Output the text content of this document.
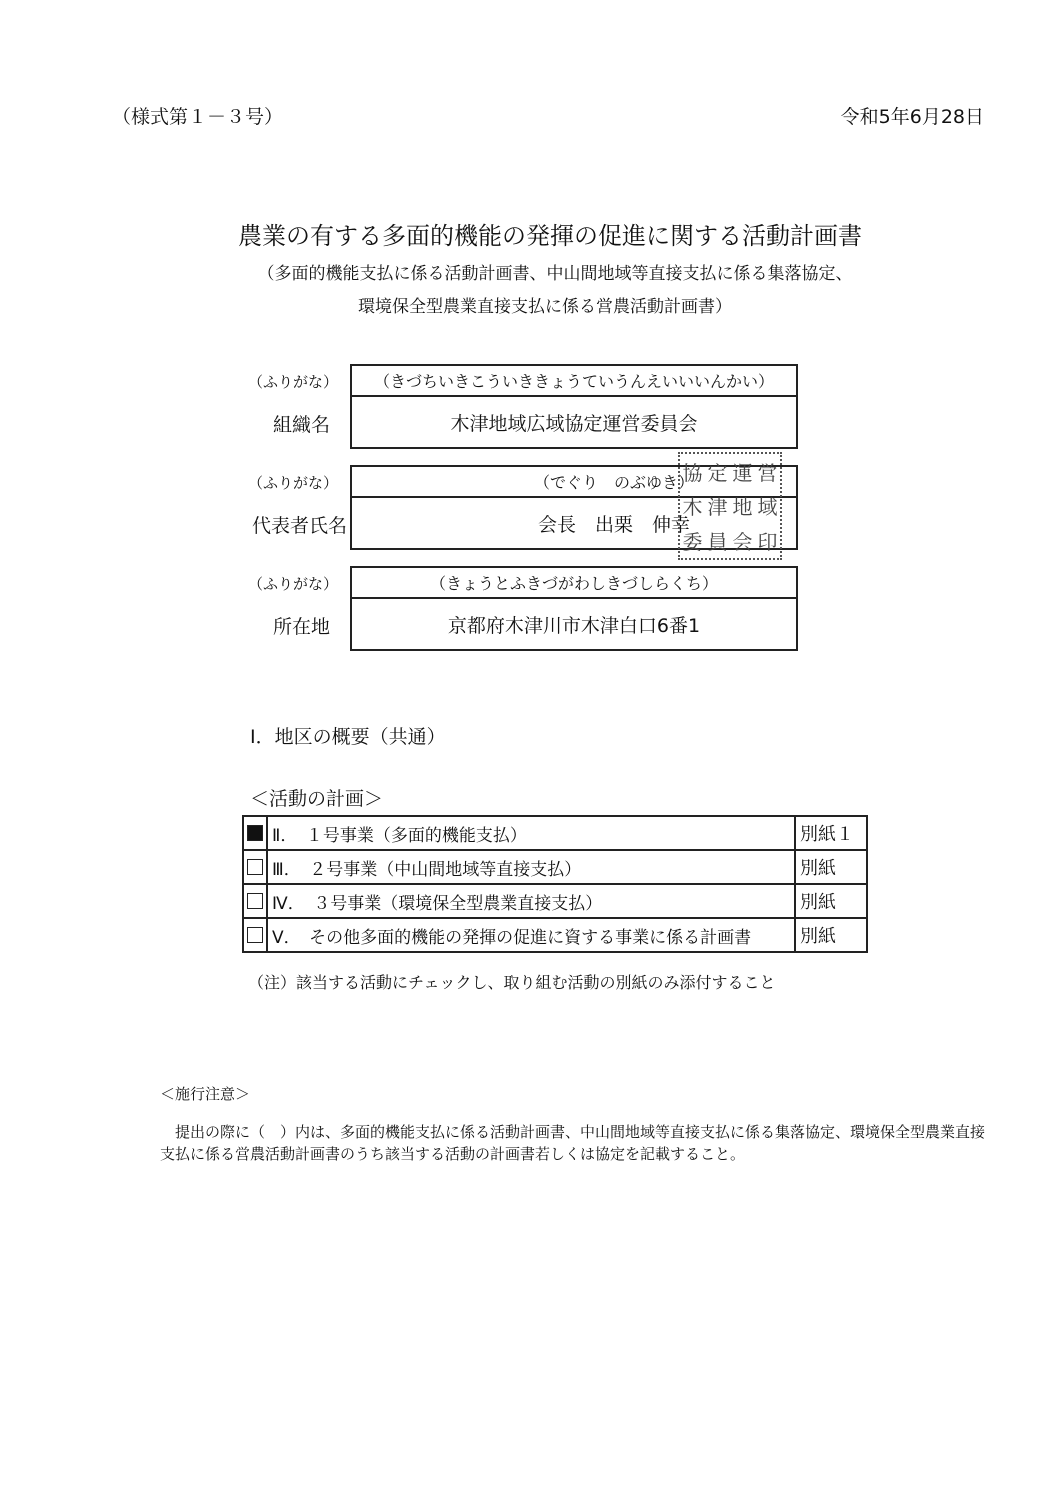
（様式第１－３号）	令和5年6月28日
農業の有する多面的機能の発揮の促進に関する活動計画書
（多面的機能支払に係る活動計画書、中山間地域等直接支払に係る集落協定、
環境保全型農業直接支払に係る営農活動計画書）
（ふりがな）	（きづちいきこういききょうていうんえいいいんかい）
組織名	木津地域広域協定運営委員会
（ふりがな）	（でぐり　のぶゆき）
代表者氏名	会長　出栗　伸幸
協 定 運 営
木 津 地 域
委 員 会 印
（ふりがな）	（きょうとふきづがわしきづしらくち）
所在地	京都府木津川市木津白口6番1
Ⅰ．地区の概要（共通）
＜活動の計画＞
	Ⅱ．　１号事業（多面的機能支払）	別紙１
	Ⅲ．　２号事業（中山間地域等直接支払）	別紙
	Ⅳ．　３号事業（環境保全型農業直接支払）	別紙
	Ⅴ．　その他多面的機能の発揮の促進に資する事業に係る計画書	別紙
（注）該当する活動にチェックし、取り組む活動の別紙のみ添付すること
＜施行注意＞
提出の際に（　）内は、多面的機能支払に係る活動計画書、中山間地域等直接支払に係る集落協定、環境保全型農業直接支払に係る営農活動計画書のうち該当する活動の計画書若しくは協定を記載すること。
